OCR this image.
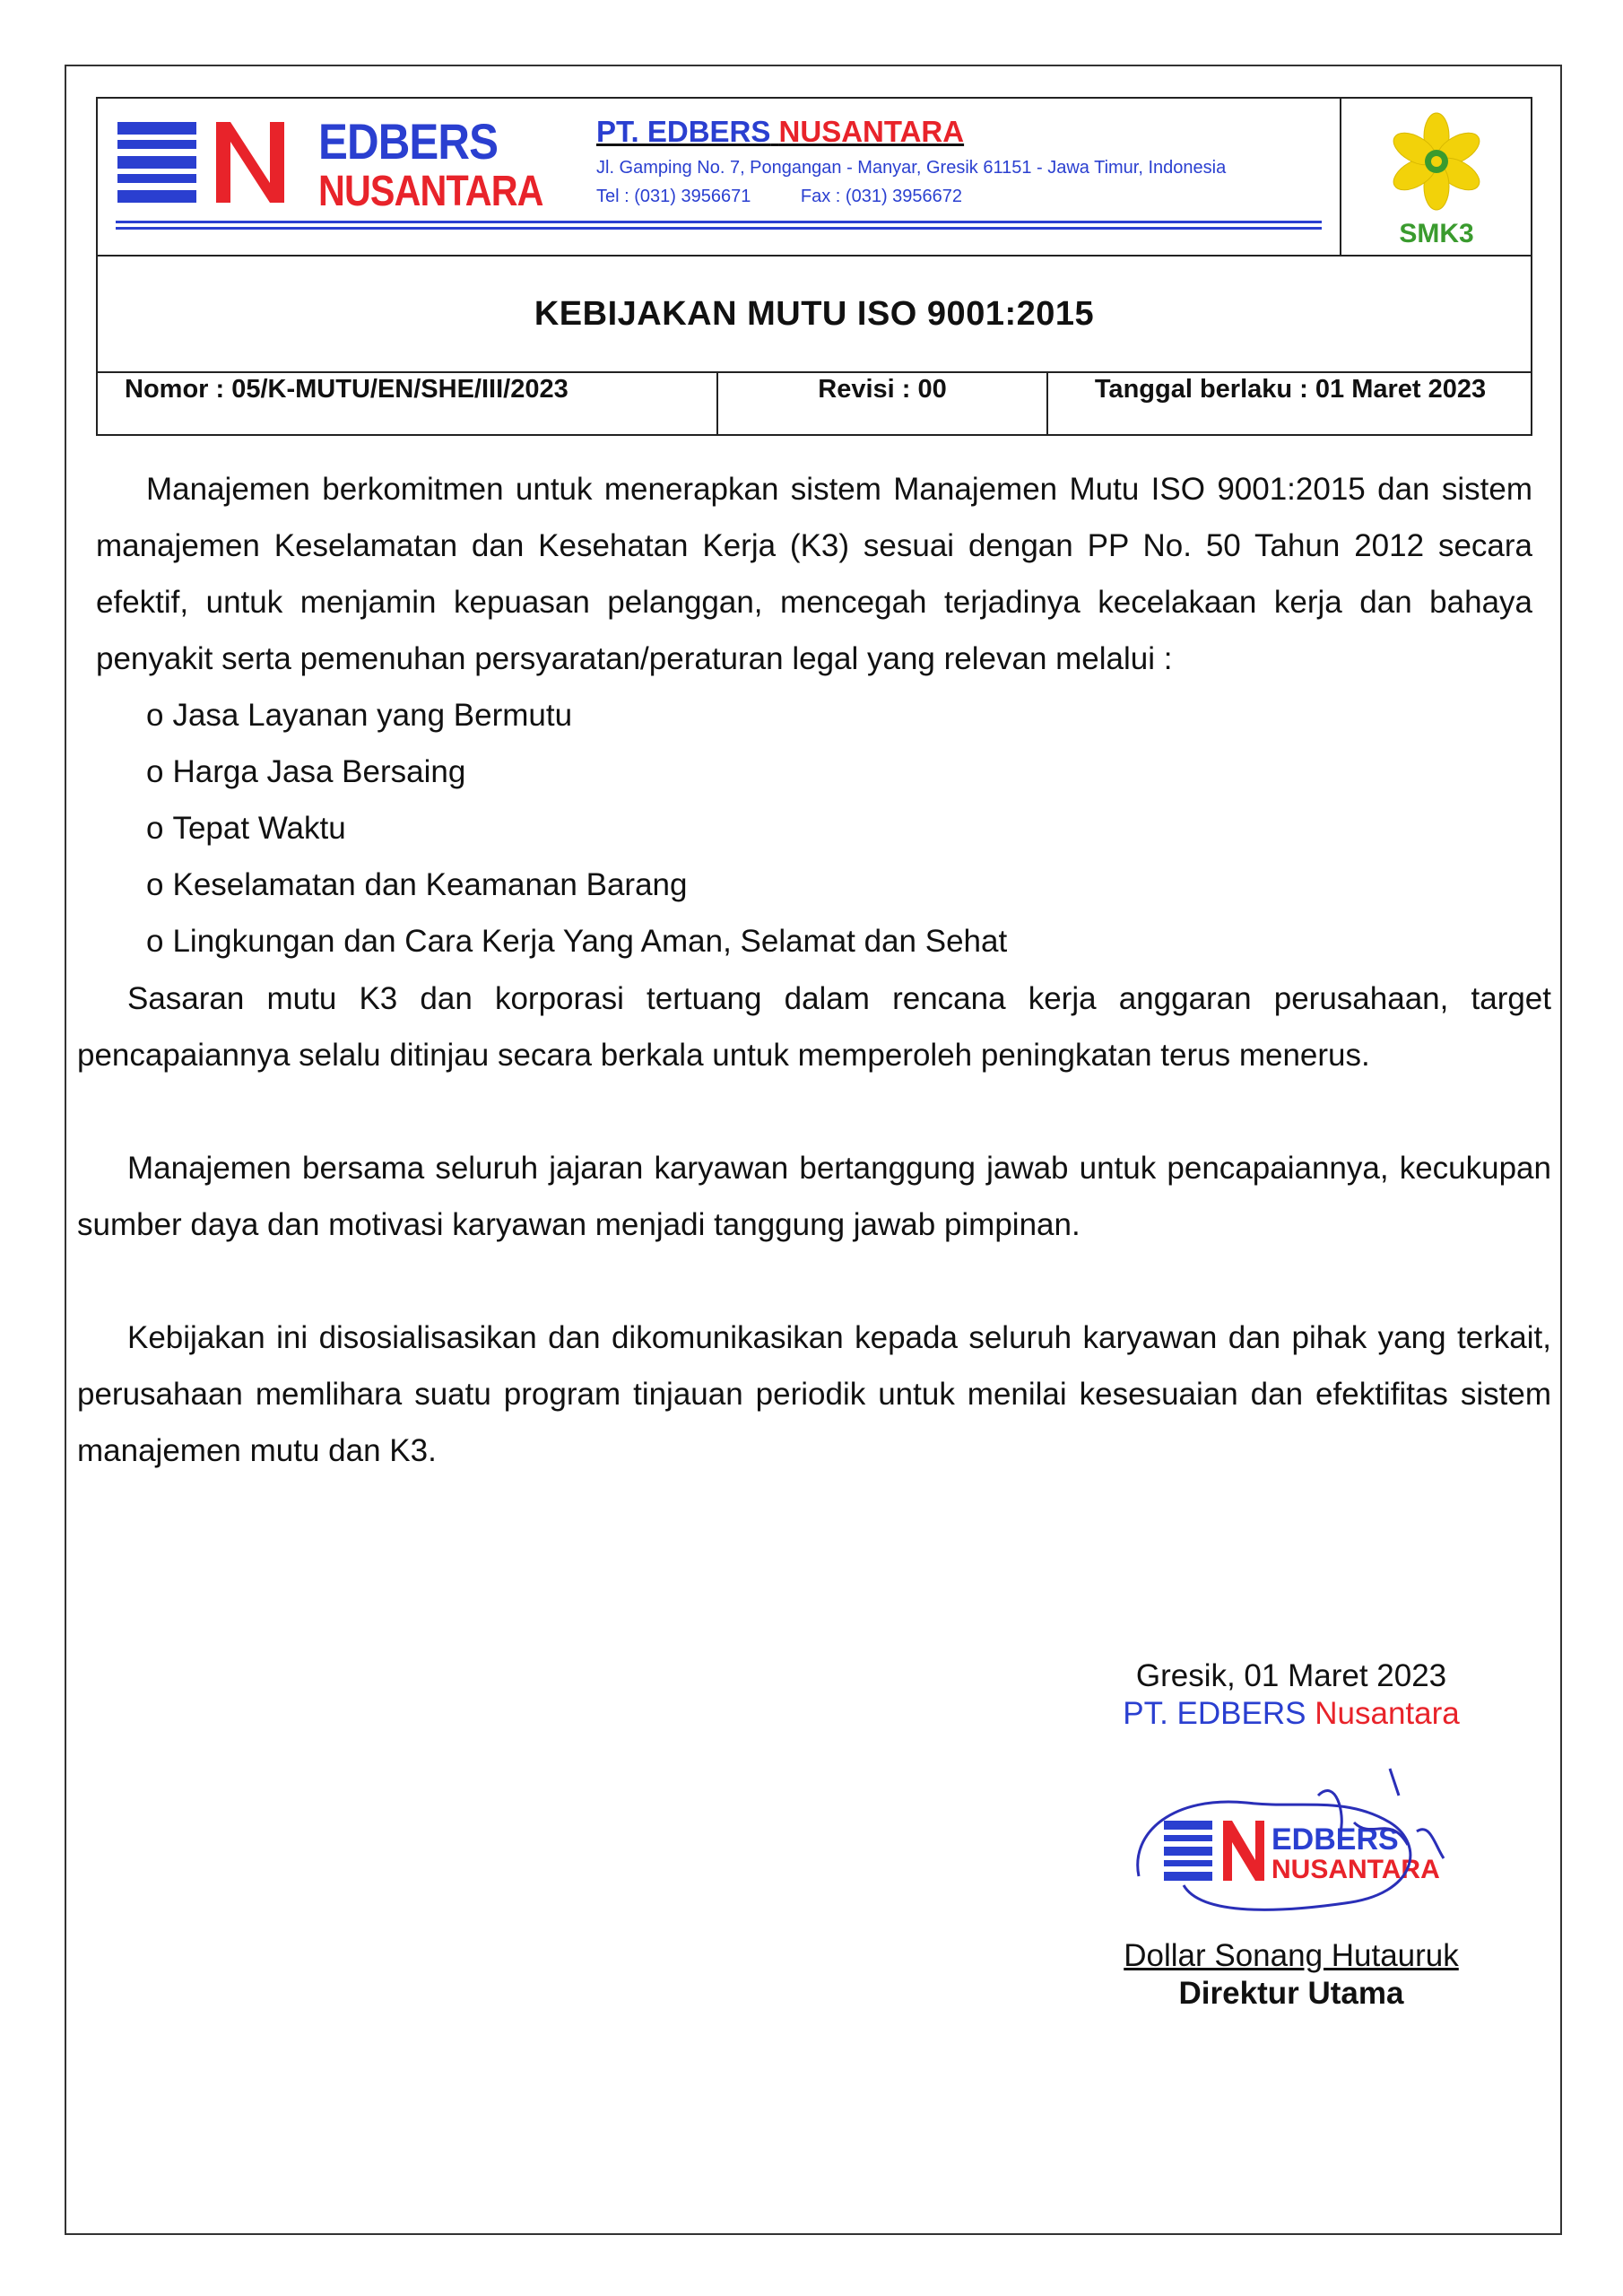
EDBERS
NUSANTARA
PT. EDBERS NUSANTARA
Jl. Gamping No. 7, Pongangan - Manyar, Gresik 61151 - Jawa Timur, Indonesia
Tel : (031) 3956671	Fax : (031) 3956672
SMK3
KEBIJAKAN MUTU ISO 9001:2015
Nomor : 05/K-MUTU/EN/SHE/III/2023	Revisi : 00	Tanggal berlaku : 01 Maret 2023

Manajemen berkomitmen untuk menerapkan sistem Manajemen Mutu ISO 9001:2015 dan sistem manajemen Keselamatan dan Kesehatan Kerja (K3) sesuai dengan PP No. 50 Tahun 2012 secara efektif, untuk menjamin kepuasan pelanggan, mencegah terjadinya kecelakaan kerja dan bahaya penyakit serta pemenuhan persyaratan/peraturan legal yang relevan melalui :

o Jasa Layanan yang Bermutu
o Harga Jasa Bersaing
o Tepat Waktu
o Keselamatan dan Keamanan Barang
o Lingkungan dan Cara Kerja Yang Aman, Selamat dan Sehat

Sasaran mutu K3 dan korporasi tertuang dalam rencana kerja anggaran perusahaan, target pencapaiannya selalu ditinjau secara berkala untuk memperoleh peningkatan terus menerus.

Manajemen bersama seluruh jajaran karyawan bertanggung jawab untuk pencapaiannya, kecukupan sumber daya dan motivasi karyawan menjadi tanggung jawab pimpinan.

Kebijakan ini disosialisasikan dan dikomunikasikan kepada seluruh karyawan dan pihak yang terkait, perusahaan memlihara suatu program tinjauan periodik untuk menilai kesesuaian dan efektifitas sistem manajemen mutu dan K3.

Gresik, 01 Maret 2023
PT. EDBERS Nusantara
EDBERS
NUSANTARA
Dollar Sonang Hutauruk
Direktur Utama
